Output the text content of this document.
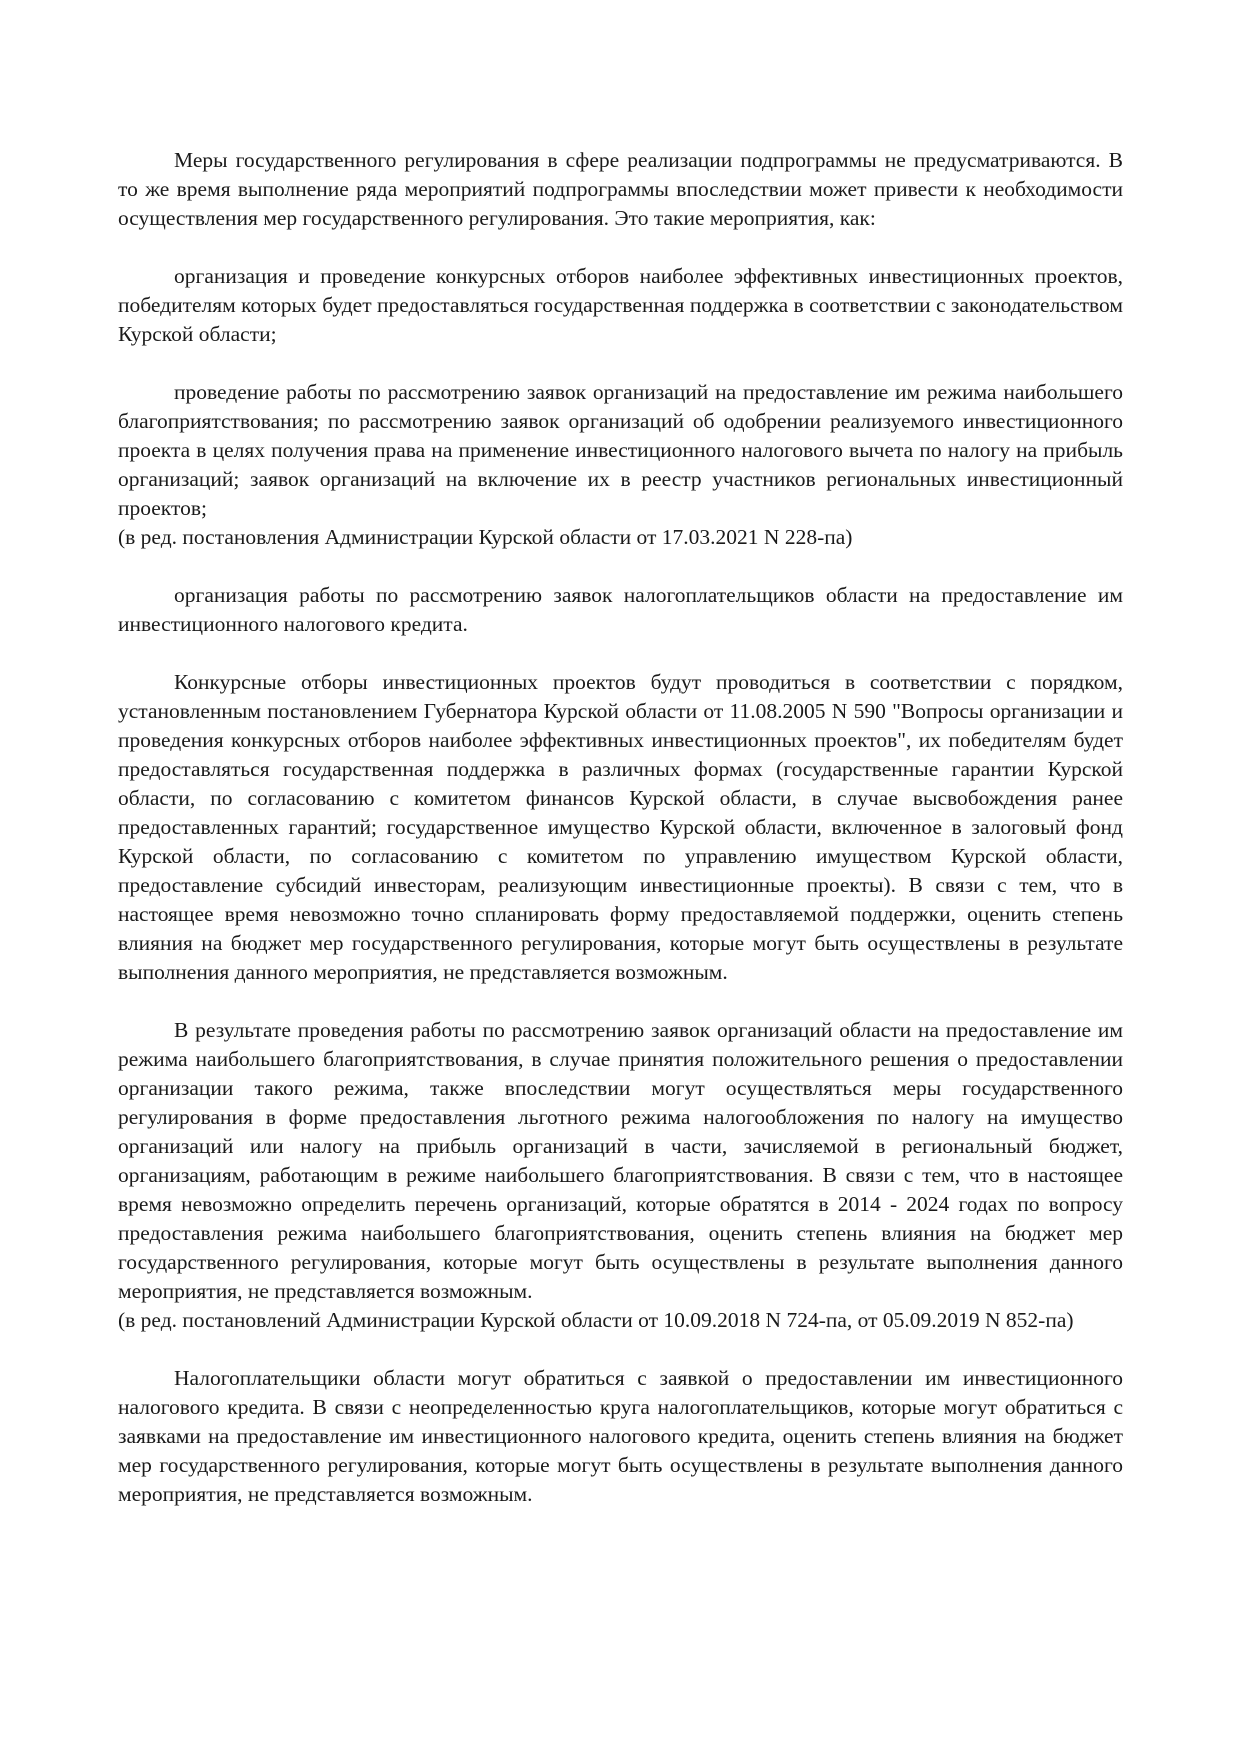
Меры государственного регулирования в сфере реализации подпрограммы не предусматриваются. В то же время выполнение ряда мероприятий подпрограммы впоследствии может привести к необходимости осуществления мер государственного регулирования. Это такие мероприятия, как:

организация и проведение конкурсных отборов наиболее эффективных инвестиционных проектов, победителям которых будет предоставляться государственная поддержка в соответствии с законодательством Курской области;

проведение работы по рассмотрению заявок организаций на предоставление им режима наибольшего благоприятствования; по рассмотрению заявок организаций об одобрении реализуемого инвестиционного проекта в целях получения права на применение инвестиционного налогового вычета по налогу на прибыль организаций; заявок организаций на включение их в реестр участников региональных инвестиционный проектов;

(в ред. постановления Администрации Курской области от 17.03.2021 N 228-па)

организация работы по рассмотрению заявок налогоплательщиков области на предоставление им инвестиционного налогового кредита.

Конкурсные отборы инвестиционных проектов будут проводиться в соответствии с порядком, установленным постановлением Губернатора Курской области от 11.08.2005 N 590 "Вопросы организации и проведения конкурсных отборов наиболее эффективных инвестиционных проектов", их победителям будет предоставляться государственная поддержка в различных формах (государственные гарантии Курской области, по согласованию с комитетом финансов Курской области, в случае высвобождения ранее предоставленных гарантий; государственное имущество Курской области, включенное в залоговый фонд Курской области, по согласованию с комитетом по управлению имуществом Курской области, предоставление субсидий инвесторам, реализующим инвестиционные проекты). В связи с тем, что в настоящее время невозможно точно спланировать форму предоставляемой поддержки, оценить степень влияния на бюджет мер государственного регулирования, которые могут быть осуществлены в результате выполнения данного мероприятия, не представляется возможным.

В результате проведения работы по рассмотрению заявок организаций области на предоставление им режима наибольшего благоприятствования, в случае принятия положительного решения о предоставлении организации такого режима, также впоследствии могут осуществляться меры государственного регулирования в форме предоставления льготного режима налогообложения по налогу на имущество организаций или налогу на прибыль организаций в части, зачисляемой в региональный бюджет, организациям, работающим в режиме наибольшего благоприятствования. В связи с тем, что в настоящее время невозможно определить перечень организаций, которые обратятся в 2014 - 2024 годах по вопросу предоставления режима наибольшего благоприятствования, оценить степень влияния на бюджет мер государственного регулирования, которые могут быть осуществлены в результате выполнения данного мероприятия, не представляется возможным.

(в ред. постановлений Администрации Курской области от 10.09.2018 N 724-па, от 05.09.2019 N 852-па)

Налогоплательщики области могут обратиться с заявкой о предоставлении им инвестиционного налогового кредита. В связи с неопределенностью круга налогоплательщиков, которые могут обратиться с заявками на предоставление им инвестиционного налогового кредита, оценить степень влияния на бюджет мер государственного регулирования, которые могут быть осуществлены в результате выполнения данного мероприятия, не представляется возможным.
